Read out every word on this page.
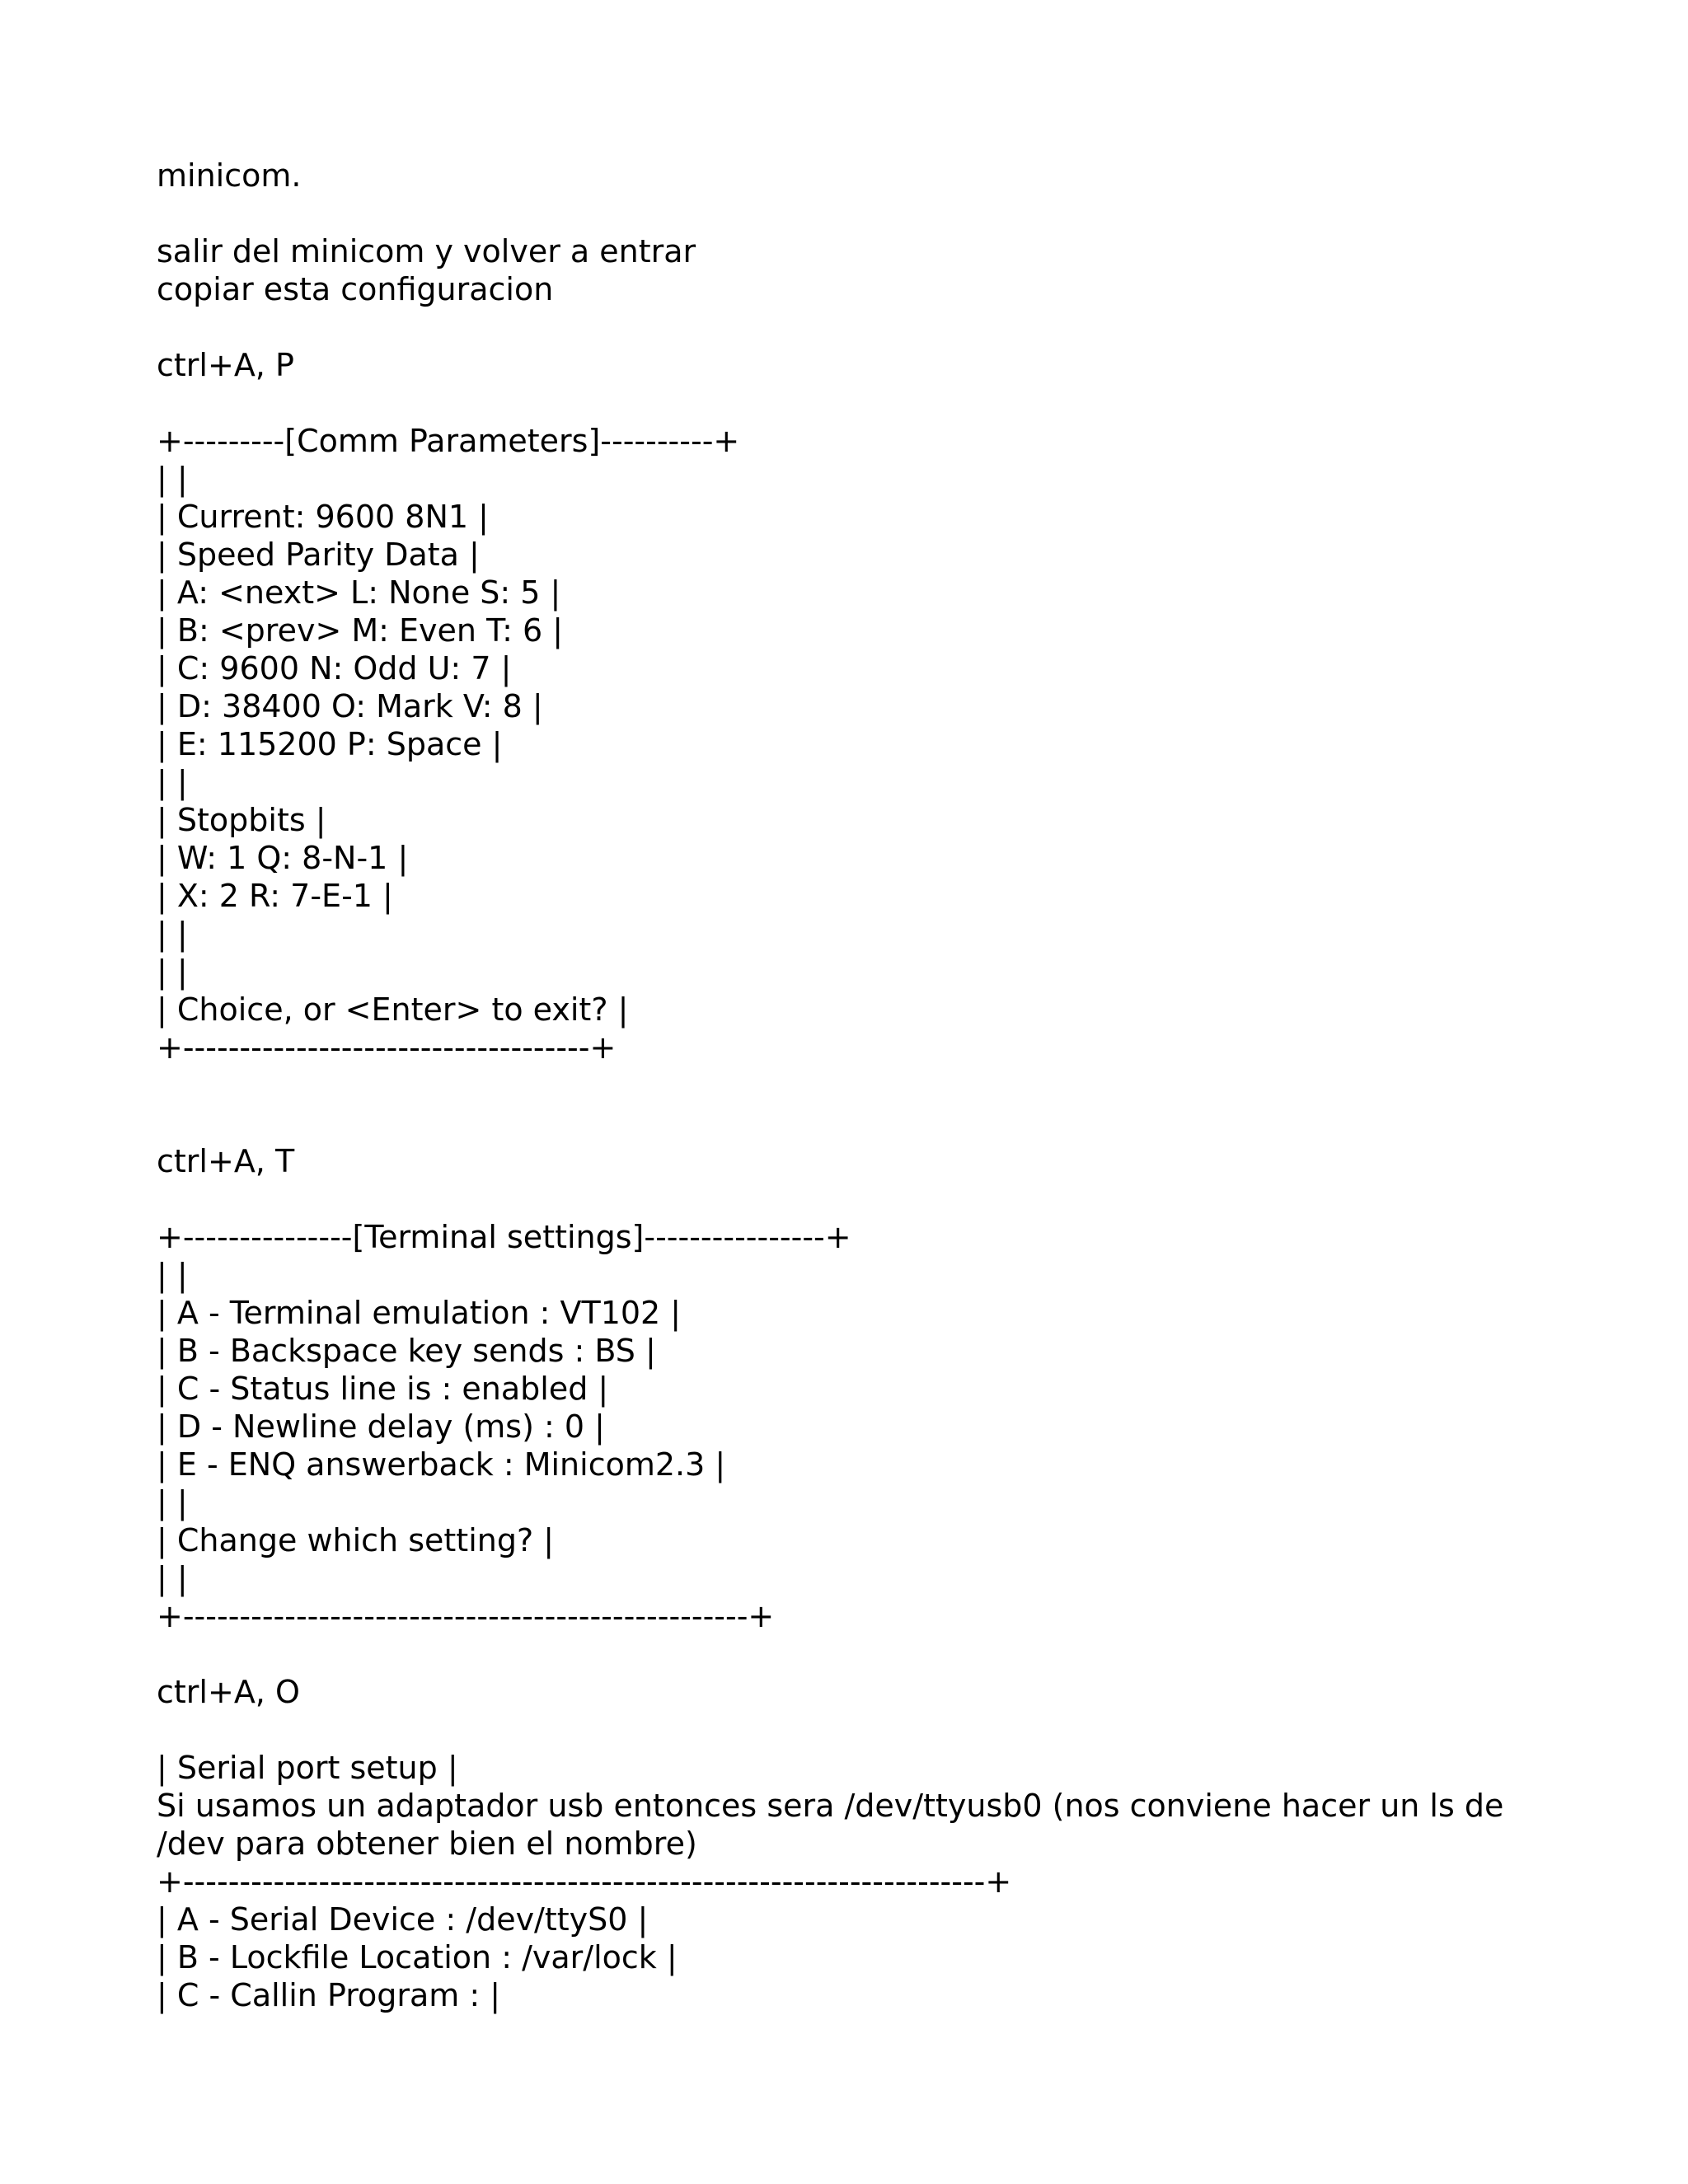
minicom.
salir del minicom y volver a entrar
copiar esta configuracion
ctrl+A, P
+---------[Comm Parameters]----------+
| |
| Current: 9600 8N1 |
| Speed Parity Data |
| A: <next> L: None S: 5 |
| B: <prev> M: Even T: 6 |
| C: 9600 N: Odd U: 7 |
| D: 38400 O: Mark V: 8 |
| E: 115200 P: Space |
| |
| Stopbits |
| W: 1 Q: 8-N-1 |
| X: 2 R: 7-E-1 |
| |
| |
| Choice, or <Enter> to exit? |
+------------------------------------+
ctrl+A, T
+---------------[Terminal settings]----------------+
| |
| A - Terminal emulation : VT102 |
| B - Backspace key sends : BS |
| C - Status line is : enabled |
| D - Newline delay (ms) : 0 |
| E - ENQ answerback : Minicom2.3 |
| |
| Change which setting? |
| |
+--------------------------------------------------+
ctrl+A, O
| Serial port setup |
Si usamos un adaptador usb entonces sera /dev/ttyusb0 (nos conviene hacer un ls de /dev para obtener bien el nombre)
+-----------------------------------------------------------------------+
| A - Serial Device : /dev/ttyS0 |
| B - Lockfile Location : /var/lock |
| C - Callin Program : |
